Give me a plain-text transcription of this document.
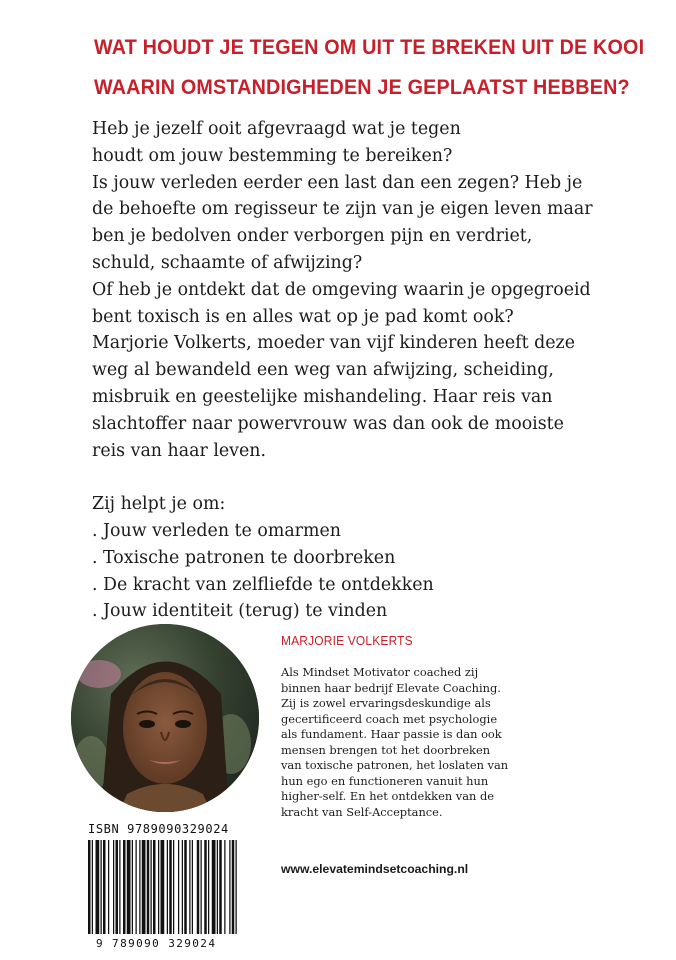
WAT HOUDT JE TEGEN OM UIT TE BREKEN UIT DE KOOI
WAARIN OMSTANDIGHEDEN JE GEPLAATST HEBBEN?

Heb je jezelf ooit afgevraagd wat je tegen

houdt om jouw bestemming te bereiken?

Is jouw verleden eerder een last dan een zegen? Heb je

de behoefte om regisseur te zijn van je eigen leven maar

ben je bedolven onder verborgen pijn en verdriet,

schuld, schaamte of afwijzing?

Of heb je ontdekt dat de omgeving waarin je opgegroeid

bent toxisch is en alles wat op je pad komt ook?

Marjorie Volkerts, moeder van vijf kinderen heeft deze

weg al bewandeld een weg van afwijzing, scheiding,

misbruik en geestelijke mishandeling. Haar reis van

slachtoffer naar powervrouw was dan ook de mooiste

reis van haar leven.

Zij helpt je om:

. Jouw verleden te omarmen

. Toxische patronen te doorbreken

. De kracht van zelfliefde te ontdekken

. Jouw identiteit (terug) te vinden

MARJORIE VOLKERTS

Als Mindset Motivator coached zij

binnen haar bedrijf Elevate Coaching.

Zij is zowel ervaringsdeskundige als

gecertificeerd coach met psychologie

als fundament. Haar passie is dan ook

mensen brengen tot het doorbreken

van toxische patronen, het loslaten van

hun ego en functioneren vanuit hun

higher-self. En het ontdekken van de

kracht van Self-Acceptance.

www.elevatemindsetcoaching.nl
ISBN 9789090329024
9 789090 329024
